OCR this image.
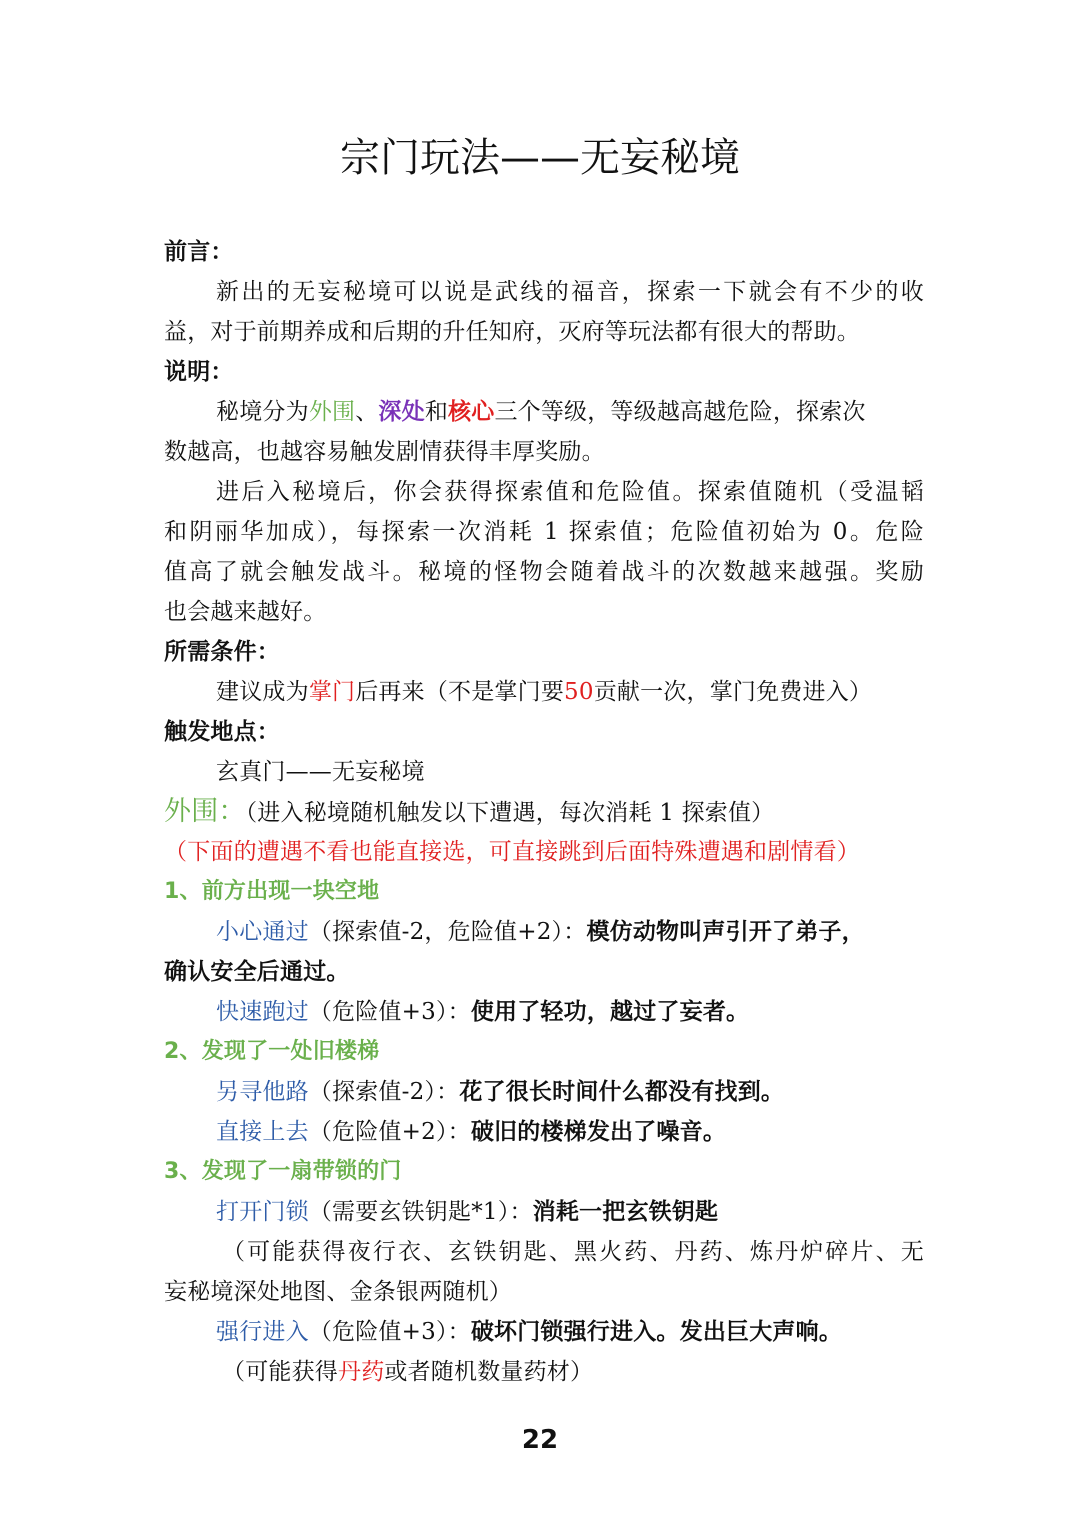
宗门玩法——无妄秘境
前言：
新出的无妄秘境可以说是武线的福音，探索一下就会有不少的收
益，对于前期养成和后期的升任知府，灭府等玩法都有很大的帮助。
说明：
秘境分为外围、深处和核心三个等级，等级越高越危险，探索次
数越高，也越容易触发剧情获得丰厚奖励。
进后入秘境后，你会获得探索值和危险值。探索值随机（受温韬
和阴丽华加成），每探索一次消耗 1 探索值；危险值初始为 0。危险
值高了就会触发战斗。秘境的怪物会随着战斗的次数越来越强。奖励
也会越来越好。
所需条件：
建议成为掌门后再来（不是掌门要50贡献一次，掌门免费进入）
触发地点：
玄真门——无妄秘境
外围：（进入秘境随机触发以下遭遇，每次消耗 1 探索值）
（下面的遭遇不看也能直接选，可直接跳到后面特殊遭遇和剧情看）
1、前方出现一块空地
小心通过（探索值-2，危险值+2）：模仿动物叫声引开了弟子，
确认安全后通过。
快速跑过（危险值+3）：使用了轻功，越过了妄者。
2、发现了一处旧楼梯
另寻他路（探索值-2）：花了很长时间什么都没有找到。
直接上去（危险值+2）：破旧的楼梯发出了噪音。
3、发现了一扇带锁的门
打开门锁（需要玄铁钥匙*1）：消耗一把玄铁钥匙
（可能获得夜行衣、玄铁钥匙、黑火药、丹药、炼丹炉碎片、无
妄秘境深处地图、金条银两随机）
强行进入（危险值+3）：破坏门锁强行进入。发出巨大声响。
（可能获得丹药或者随机数量药材）
22
